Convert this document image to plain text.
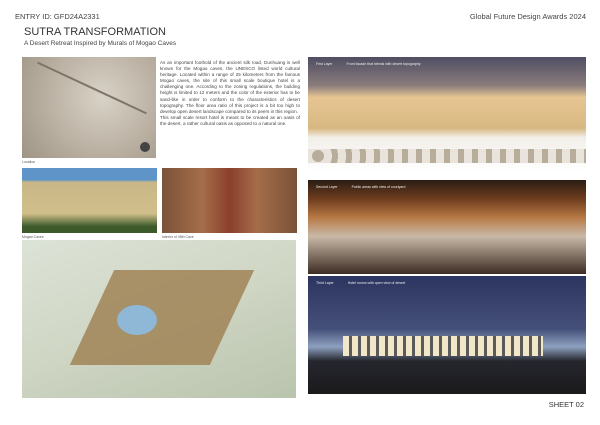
ENTRY ID: GFD24A2331	Global Future Design Awards 2024
SUTRA TRANSFORMATION
A Desert Retreat Inspired by Murals of Mogao Caves
Location

As an important foothold of the ancient silk road, Dunhuang is well known for the Mogao caves, the UNESCO listed world cultural heritage. Located within a range of 25 kilometers from the famous Mogao caves, the site of this small scale boutique hotel is a challenging one. According to the zoning regulations, the building height is limited to 12 meters and the color of the exterior has to be sand-like in order to conform to the characteristics of desert topography. The floor area ratio of this project is a bit too high to develop open desert landscape compared to its peers in this region.

This small scale resort hotel is meant to be created as an oasis of the desert, a rather cultural oasis as opposed to a natural one.

Mogao Caves	Interior of 45th Cave
First Layer	Front facade that blends with desert topography
Second Layer	Public areas with view of courtyard
Third Layer	Hotel rooms with open view of desert
SHEET 02
